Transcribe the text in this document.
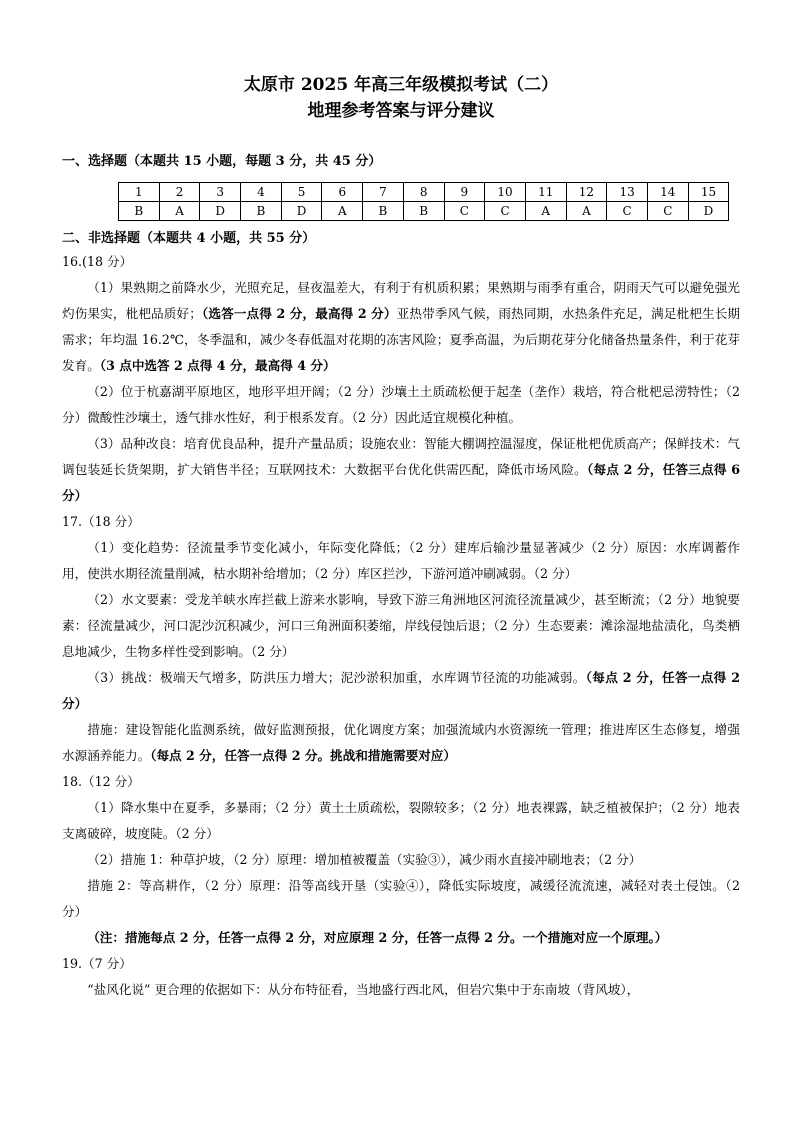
太原市 2025 年高三年级模拟考试（二）

地理参考答案与评分建议

一、选择题（本题共 15 小题，每题 3 分，共 45 分）

1	2	3	4	5	6	7	8	9	10	11	12	13	14	15
B	A	D	B	D	A	B	B	C	C	A	A	C	C	D

二、非选择题（本题共 4 小题，共 55 分）

16.(18 分）

（1）果熟期之前降水少，光照充足，昼夜温差大，有利于有机质积累；果熟期与雨季有重合，阴雨天气可以避免强光灼伤果实，枇杷品质好；（选答一点得 2 分，最高得 2 分）亚热带季风气候，雨热同期，水热条件充足，满足枇杷生长期需求；年均温 16.2℃，冬季温和，减少冬春低温对花期的冻害风险；夏季高温，为后期花芽分化储备热量条件，利于花芽发育。（3 点中选答 2 点得 4 分，最高得 4 分）

（2）位于杭嘉湖平原地区，地形平坦开阔；（2 分）沙壤土土质疏松便于起垄（垄作）栽培，符合枇杷忌涝特性；（2 分）微酸性沙壤土，透气排水性好，利于根系发育。（2 分）因此适宜规模化种植。

（3）品种改良：培育优良品种，提升产量品质；设施农业：智能大棚调控温湿度，保证枇杷优质高产；保鲜技术：气调包装延长货架期，扩大销售半径；互联网技术：大数据平台优化供需匹配，降低市场风险。（每点 2 分，任答三点得 6 分）

17.（18 分）

（1）变化趋势：径流量季节变化减小，年际变化降低；（2 分）建库后输沙量显著减少（2 分）原因：水库调蓄作用，使洪水期径流量削减，枯水期补给增加；（2 分）库区拦沙，下游河道冲刷减弱。（2 分）

（2）水文要素：受龙羊峡水库拦截上游来水影响，导致下游三角洲地区河流径流量减少，甚至断流；（2 分）地貌要素：径流量减少，河口泥沙沉积减少，河口三角洲面积萎缩，岸线侵蚀后退；（2 分）生态要素：滩涂湿地盐渍化，鸟类栖息地减少，生物多样性受到影响。（2 分）

（3）挑战：极端天气增多，防洪压力增大；泥沙淤积加重，水库调节径流的功能减弱。（每点 2 分，任答一点得 2 分）

措施：建设智能化监测系统，做好监测预报，优化调度方案；加强流域内水资源统一管理；推进库区生态修复，增强水源涵养能力。（每点 2 分，任答一点得 2 分。挑战和措施需要对应）

18.（12 分）

（1）降水集中在夏季，多暴雨；（2 分）黄土土质疏松，裂隙较多；（2 分）地表裸露，缺乏植被保护；（2 分）地表支离破碎，坡度陡。（2 分）

（2）措施 1：种草护坡，（2 分）原理：增加植被覆盖（实验③），减少雨水直接冲刷地表；（2 分）

措施 2：等高耕作，（2 分）原理：沿等高线开垦（实验④），降低实际坡度，减缓径流流速，减轻对表土侵蚀。（2 分）

（注：措施每点 2 分，任答一点得 2 分，对应原理 2 分，任答一点得 2 分。一个措施对应一个原理。）

19.（7 分）

“盐风化说” 更合理的依据如下：从分布特征看，当地盛行西北风，但岩穴集中于东南坡（背风坡），
